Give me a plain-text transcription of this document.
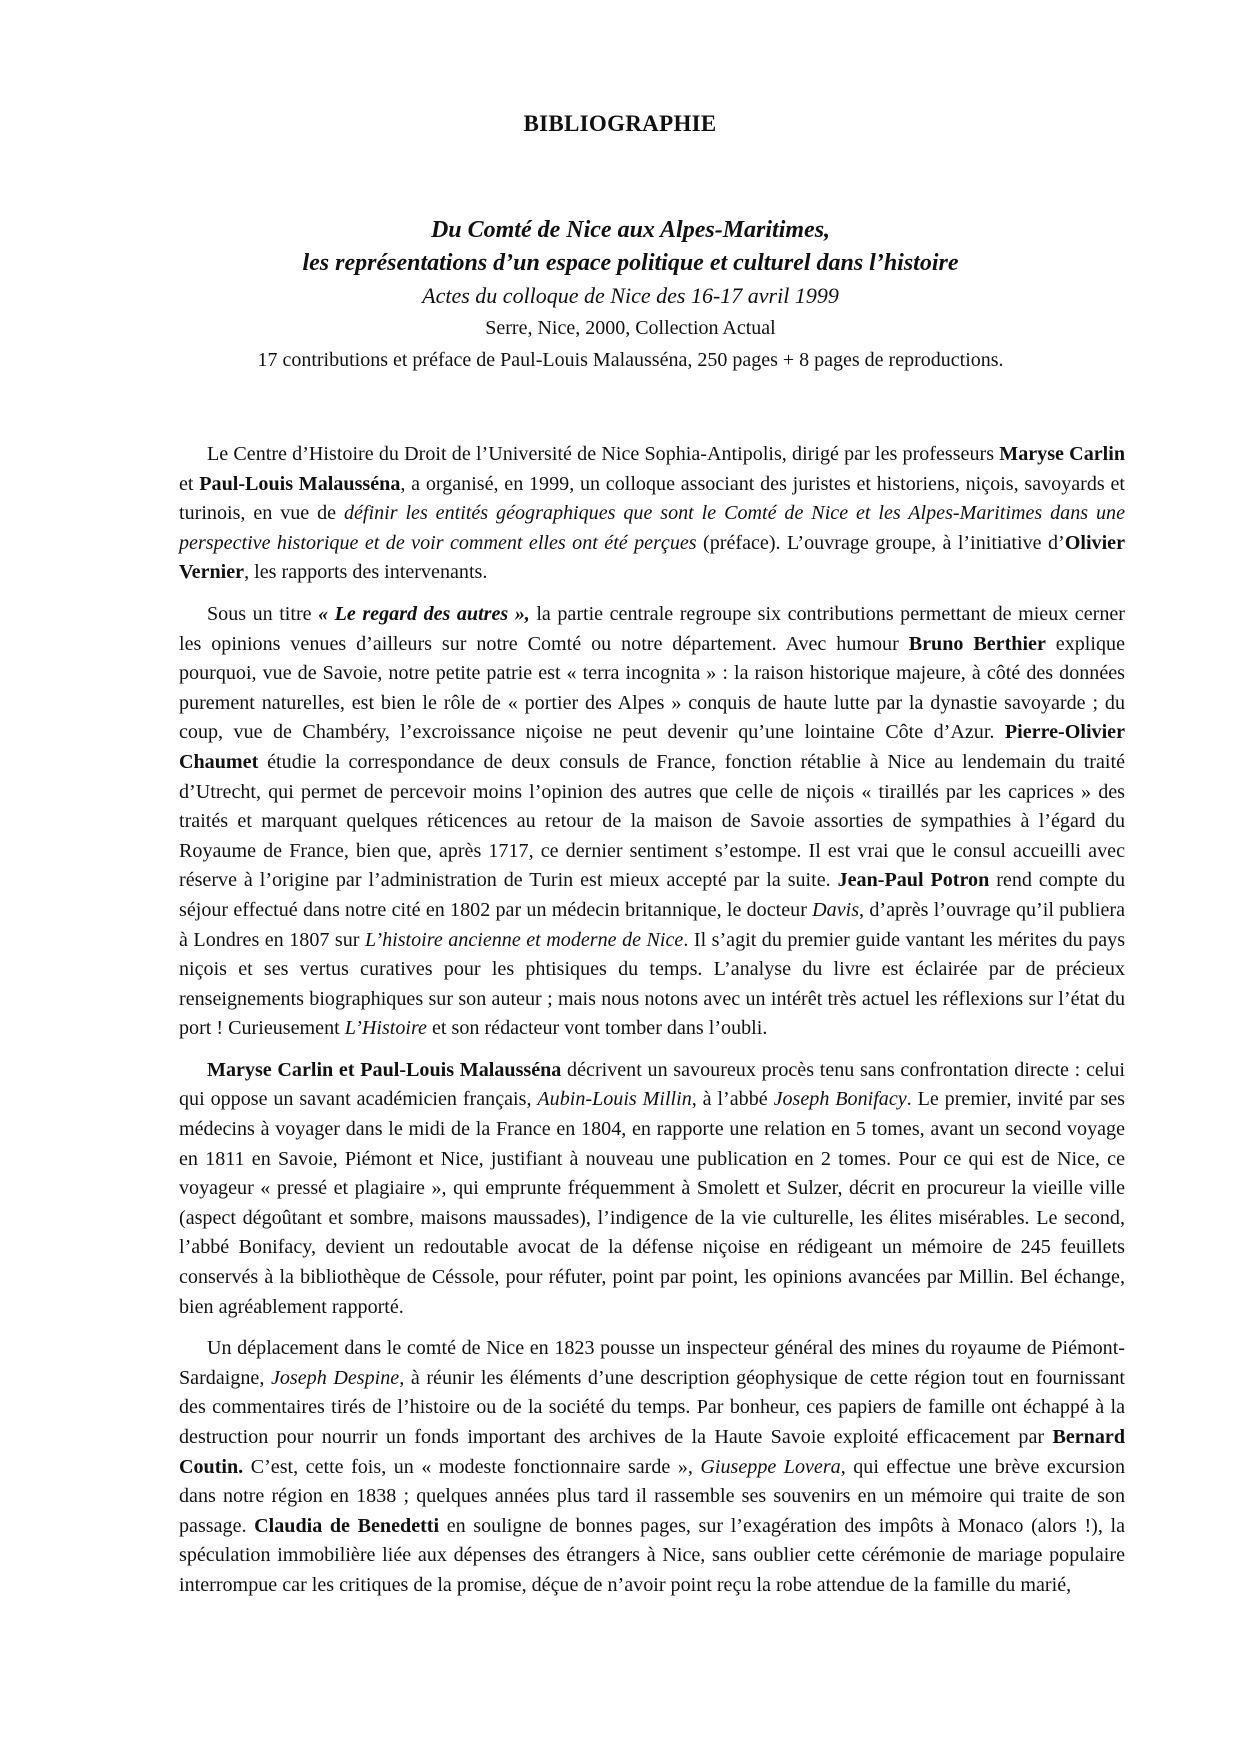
BIBLIOGRAPHIE
Du Comté de Nice aux Alpes-Maritimes,
les représentations d’un espace politique et culturel dans l’histoire
Actes du colloque de Nice des 16-17 avril 1999
Serre, Nice, 2000, Collection Actual
17 contributions et préface de Paul-Louis Malausséna, 250 pages + 8 pages de reproductions.

Le Centre d’Histoire du Droit de l’Université de Nice Sophia-Antipolis, dirigé par les professeurs Maryse Carlin et Paul-Louis Malausséna, a organisé, en 1999, un colloque associant des juristes et historiens, niçois, savoyards et turinois, en vue de définir les entités géographiques que sont le Comté de Nice et les Alpes-Maritimes dans une perspective historique et de voir comment elles ont été perçues (préface). L’ouvrage groupe, à l’initiative d’Olivier Vernier, les rapports des intervenants.

Sous un titre « Le regard des autres », la partie centrale regroupe six contributions permettant de mieux cerner les opinions venues d’ailleurs sur notre Comté ou notre département. Avec humour Bruno Berthier explique pourquoi, vue de Savoie, notre petite patrie est « terra incognita » : la raison historique majeure, à côté des données purement naturelles, est bien le rôle de « portier des Alpes » conquis de haute lutte par la dynastie savoyarde ; du coup, vue de Chambéry, l’excroissance niçoise ne peut devenir qu’une lointaine Côte d’Azur. Pierre-Olivier Chaumet étudie la correspondance de deux consuls de France, fonction rétablie à Nice au lendemain du traité d’Utrecht, qui permet de percevoir moins l’opinion des autres que celle de niçois « tiraillés par les caprices » des traités et marquant quelques réticences au retour de la maison de Savoie assorties de sympathies à l’égard du Royaume de France, bien que, après 1717, ce dernier sentiment s’estompe. Il est vrai que le consul accueilli avec réserve à l’origine par l’administration de Turin est mieux accepté par la suite. Jean-Paul Potron rend compte du séjour effectué dans notre cité en 1802 par un médecin britannique, le docteur Davis, d’après l’ouvrage qu’il publiera à Londres en 1807 sur L’histoire ancienne et moderne de Nice. Il s’agit du premier guide vantant les mérites du pays niçois et ses vertus curatives pour les phtisiques du temps. L’analyse du livre est éclairée par de précieux renseignements biographiques sur son auteur ; mais nous notons avec un intérêt très actuel les réflexions sur l’état du port ! Curieusement L’Histoire et son rédacteur vont tomber dans l’oubli.

Maryse Carlin et Paul-Louis Malausséna décrivent un savoureux procès tenu sans confrontation directe : celui qui oppose un savant académicien français, Aubin-Louis Millin, à l’abbé Joseph Bonifacy. Le premier, invité par ses médecins à voyager dans le midi de la France en 1804, en rapporte une relation en 5 tomes, avant un second voyage en 1811 en Savoie, Piémont et Nice, justifiant à nouveau une publication en 2 tomes. Pour ce qui est de Nice, ce voyageur « pressé et plagiaire », qui emprunte fréquemment à Smolett et Sulzer, décrit en procureur la vieille ville (aspect dégoûtant et sombre, maisons maussades), l’indigence de la vie culturelle, les élites misérables. Le second, l’abbé Bonifacy, devient un redoutable avocat de la défense niçoise en rédigeant un mémoire de 245 feuillets conservés à la bibliothèque de Céssole, pour réfuter, point par point, les opinions avancées par Millin. Bel échange, bien agréablement rapporté.

Un déplacement dans le comté de Nice en 1823 pousse un inspecteur général des mines du royaume de Piémont-Sardaigne, Joseph Despine, à réunir les éléments d’une description géophysique de cette région tout en fournissant des commentaires tirés de l’histoire ou de la société du temps. Par bonheur, ces papiers de famille ont échappé à la destruction pour nourrir un fonds important des archives de la Haute Savoie exploité efficacement par Bernard Coutin. C’est, cette fois, un « modeste fonctionnaire sarde », Giuseppe Lovera, qui effectue une brève excursion dans notre région en 1838 ; quelques années plus tard il rassemble ses souvenirs en un mémoire qui traite de son passage. Claudia de Benedetti en souligne de bonnes pages, sur l’exagération des impôts à Monaco (alors !), la spéculation immobilière liée aux dépenses des étrangers à Nice, sans oublier cette cérémonie de mariage populaire interrompue car les critiques de la promise, déçue de n’avoir point reçu la robe attendue de la famille du marié,
